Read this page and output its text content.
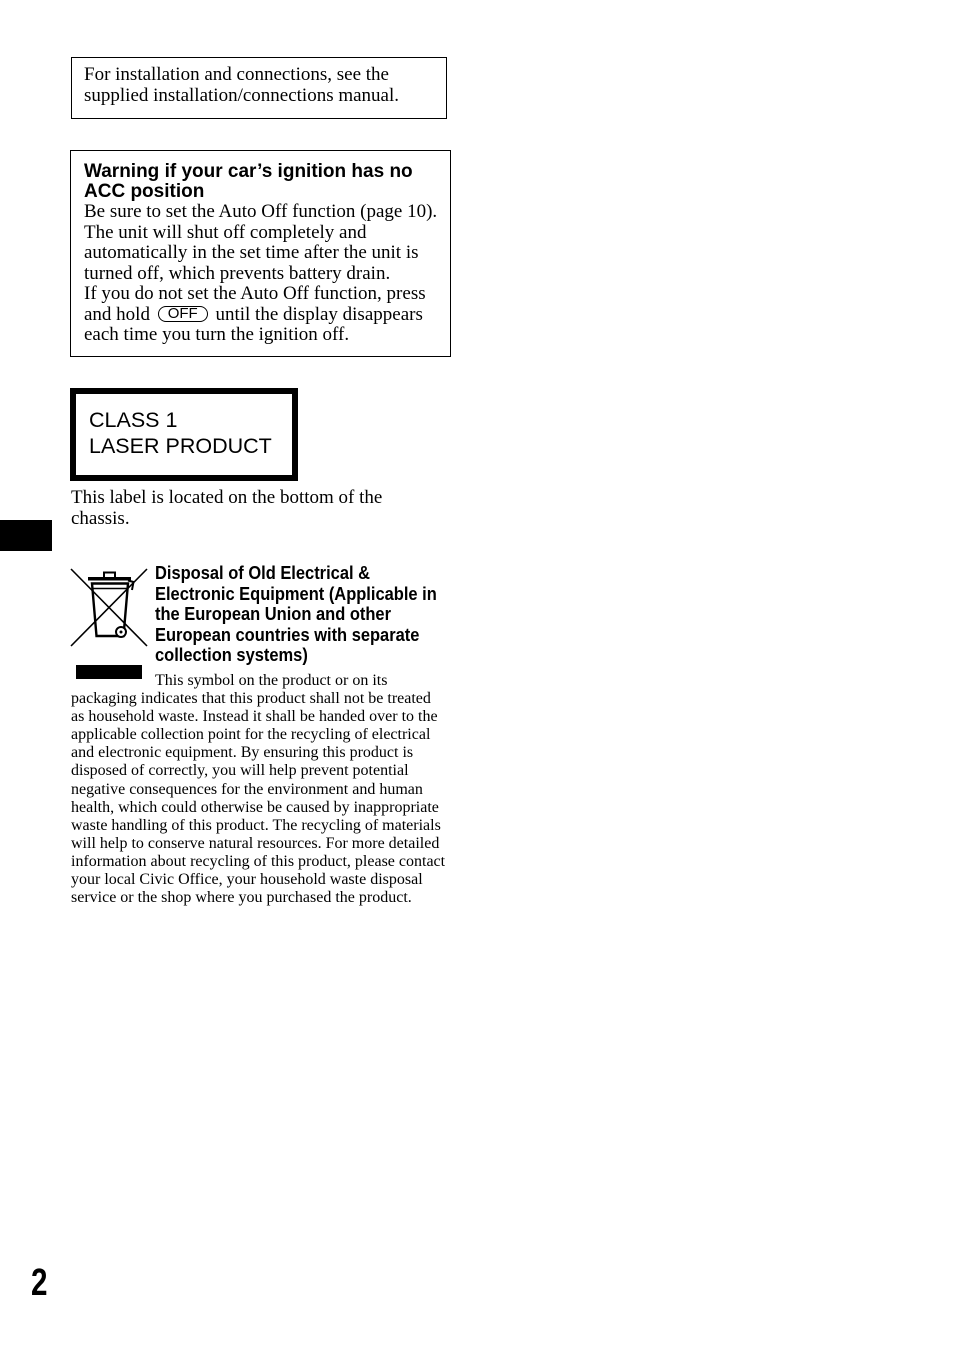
For installation and connections, see the
supplied installation/connections manual.
Warning if your car’s ignition has no
ACC position
Be sure to set the Auto Off function (page 10).
The unit will shut off completely and
automatically in the set time after the unit is
turned off, which prevents battery drain.
If you do not set the Auto Off function, press
and hold OFF until the display disappears
each time you turn the ignition off.
CLASS 1
LASER PRODUCT
This label is located on the bottom of the
chassis.
Disposal of Old Electrical &
Electronic Equipment (Applicable in
the European Union and other
European countries with separate
collection systems)
This symbol on the product or on its
packaging indicates that this product shall not be treated
as household waste. Instead it shall be handed over to the
applicable collection point for the recycling of electrical
and electronic equipment. By ensuring this product is
disposed of correctly, you will help prevent potential
negative consequences for the environment and human
health, which could otherwise be caused by inappropriate
waste handling of this product. The recycling of materials
will help to conserve natural resources. For more detailed
information about recycling of this product, please contact
your local Civic Office, your household waste disposal
service or the shop where you purchased the product.
2
